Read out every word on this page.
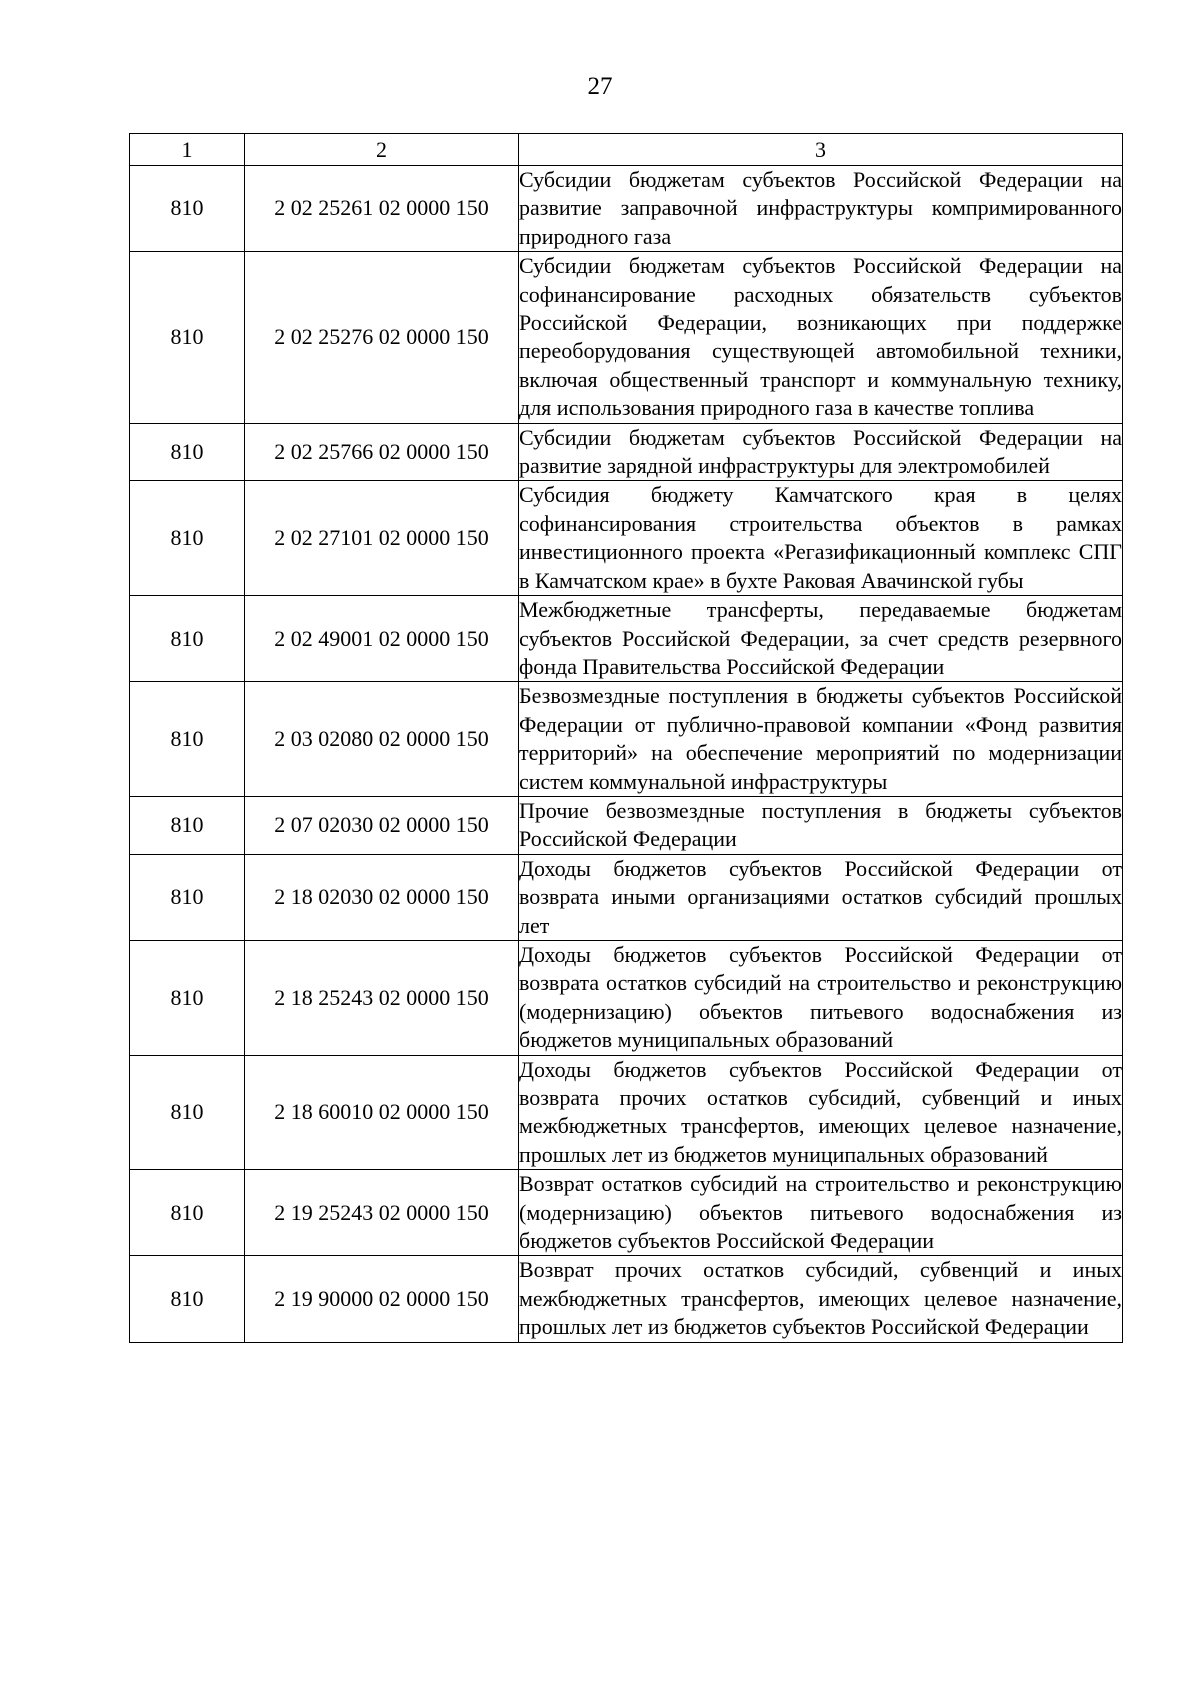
27
1	2	3
810	2 02 25261 02 0000 150	Субсидии бюджетам субъектов Российской Федерации на развитие заправочной инфраструктуры компримированного природного газа
810	2 02 25276 02 0000 150	Субсидии бюджетам субъектов Российской Федерации на софинансирование расходных обязательств субъектов Российской Федерации, возникающих при поддержке переоборудования существующей автомобильной техники, включая общественный транспорт и коммунальную технику, для использования природного газа в качестве топлива
810	2 02 25766 02 0000 150	Субсидии бюджетам субъектов Российской Федерации на развитие зарядной инфраструктуры для электромобилей
810	2 02 27101 02 0000 150	Субсидия бюджету Камчатского края в целях софинансирования строительства объектов в рамках инвестиционного проекта «Регазификационный комплекс СПГ в Камчатском крае» в бухте Раковая Авачинской губы
810	2 02 49001 02 0000 150	Межбюджетные трансферты, передаваемые бюджетам субъектов Российской Федерации, за счет средств резервного фонда Правительства Российской Федерации
810	2 03 02080 02 0000 150	Безвозмездные поступления в бюджеты субъектов Российской Федерации от публично-правовой компании «Фонд развития территорий» на обеспечение мероприятий по модернизации систем коммунальной инфраструктуры
810	2 07 02030 02 0000 150	Прочие безвозмездные поступления в бюджеты субъектов Российской Федерации
810	2 18 02030 02 0000 150	Доходы бюджетов субъектов Российской Федерации от возврата иными организациями остатков субсидий прошлых лет
810	2 18 25243 02 0000 150	Доходы бюджетов субъектов Российской Федерации от возврата остатков субсидий на строительство и реконструкцию (модернизацию) объектов питьевого водоснабжения из бюджетов муниципальных образований
810	2 18 60010 02 0000 150	Доходы бюджетов субъектов Российской Федерации от возврата прочих остатков субсидий, субвенций и иных межбюджетных трансфертов, имеющих целевое назначение, прошлых лет из бюджетов муниципальных образований
810	2 19 25243 02 0000 150	Возврат остатков субсидий на строительство и реконструкцию (модернизацию) объектов питьевого водоснабжения из бюджетов субъектов Российской Федерации
810	2 19 90000 02 0000 150	Возврат прочих остатков субсидий, субвенций и иных межбюджетных трансфертов, имеющих целевое назначение, прошлых лет из бюджетов субъектов Российской Федерации
